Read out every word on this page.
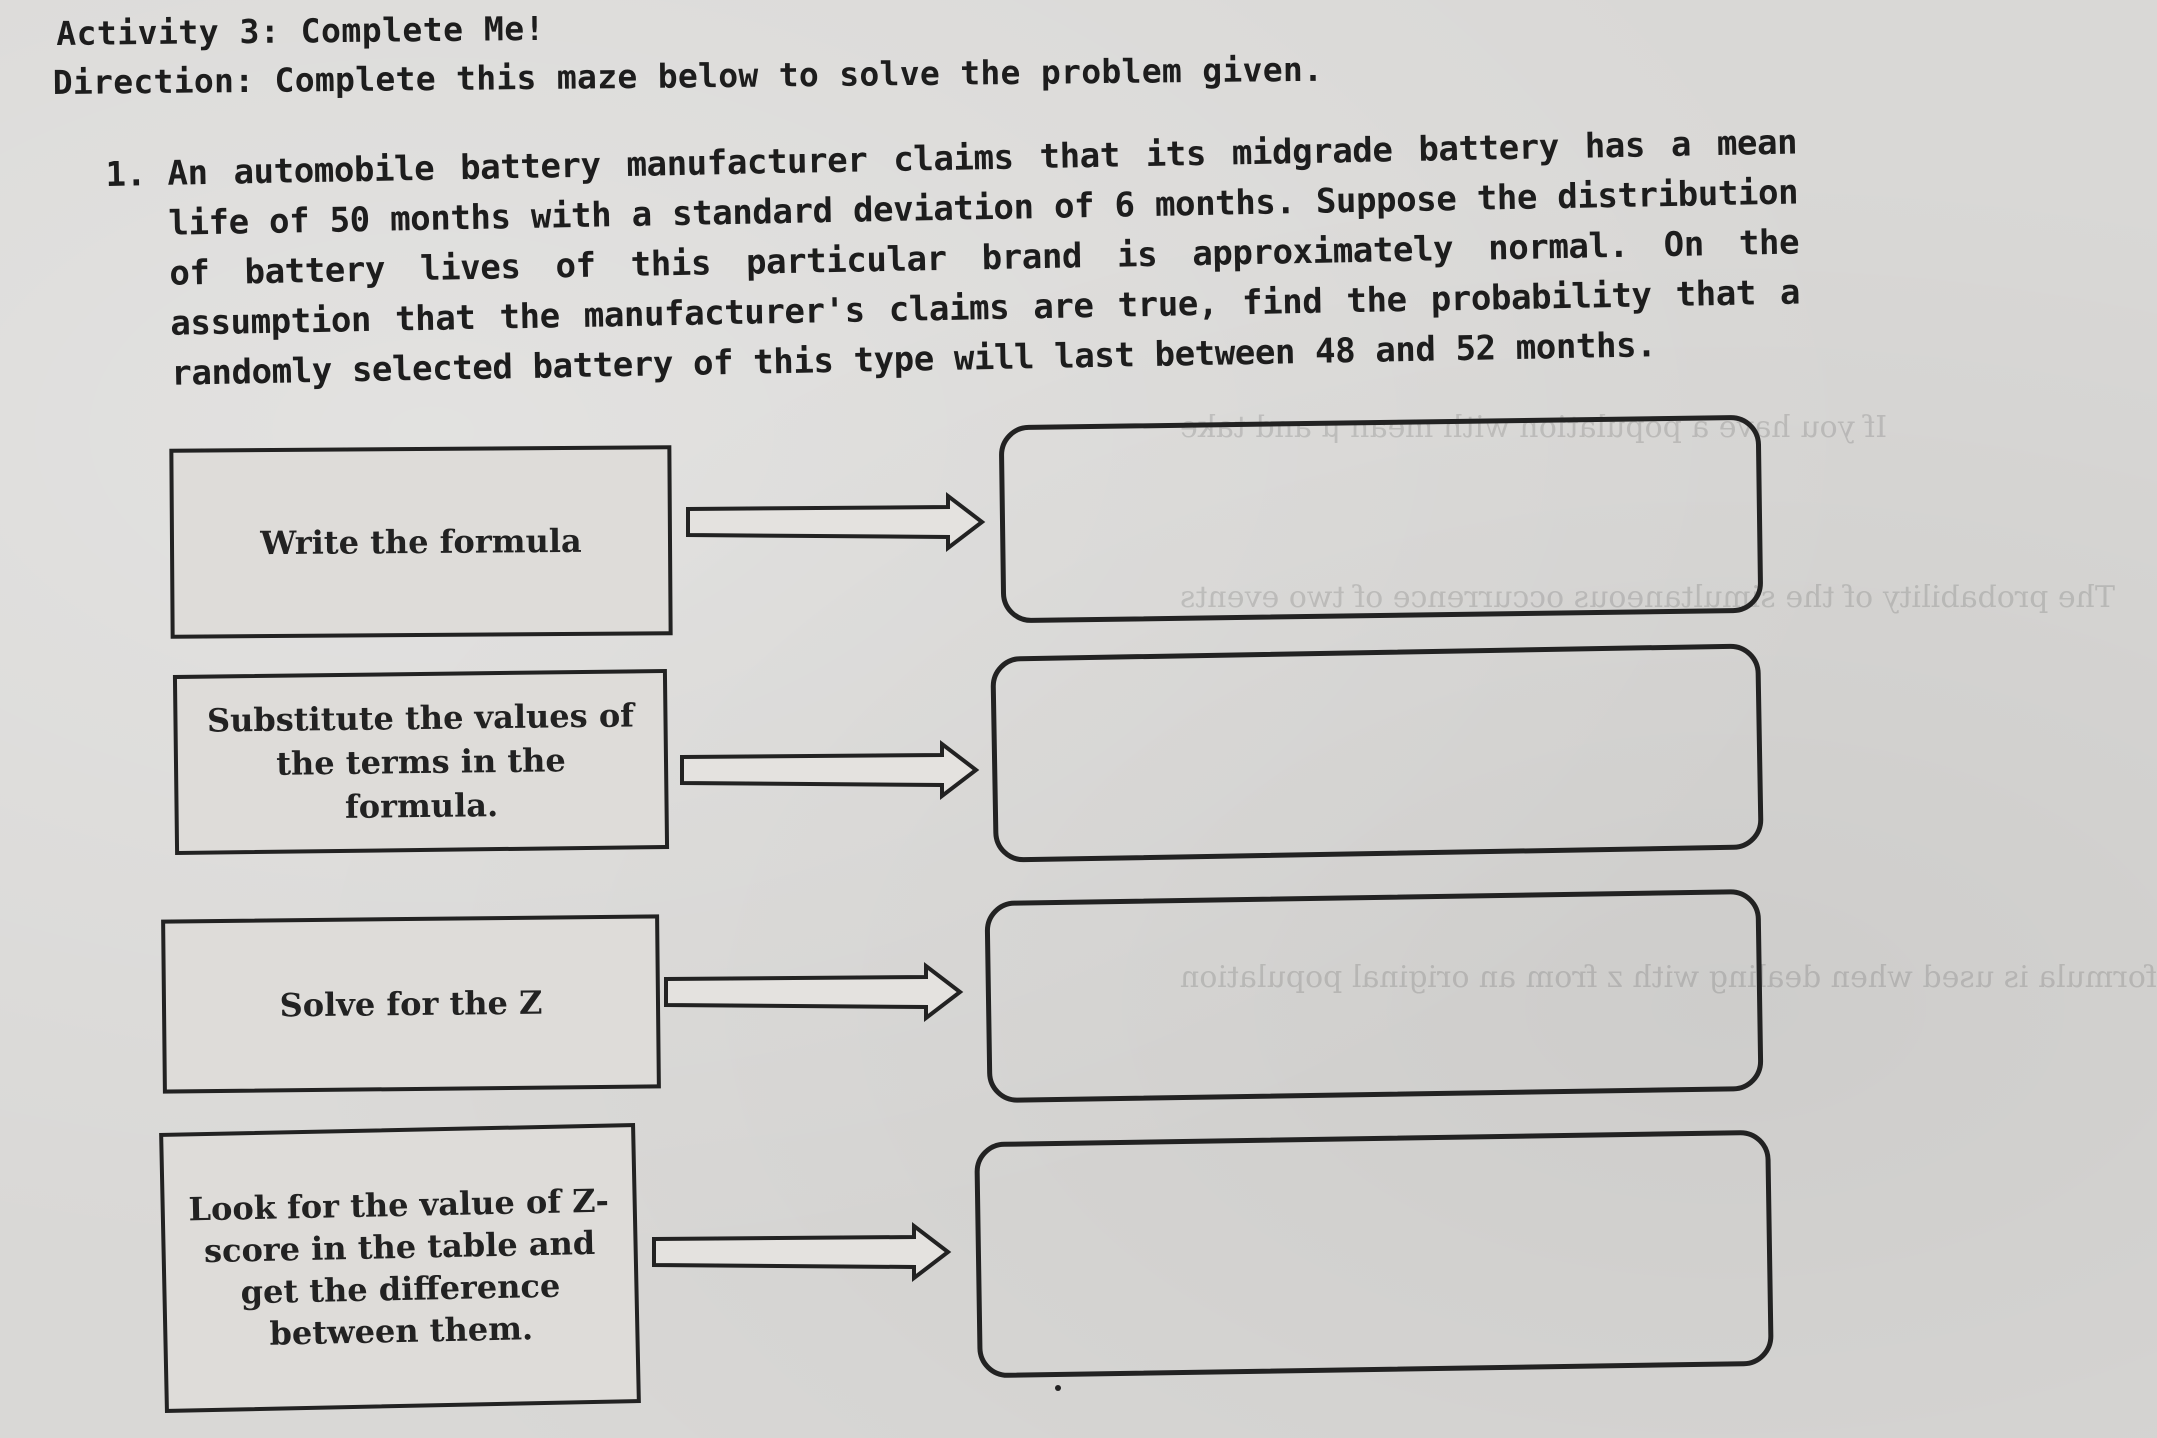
If you have a population with mean μ and take
The probability of the simultaneous occurrence of two events
formula is used when dealing with z from an original population

Activity 3: Complete Me!

Direction: Complete this maze below to solve the problem given.

1. An automobile battery manufacturer claims that its midgrade battery has a mean life of 50 months with a standard deviation of 6 months. Suppose the distribution of battery lives of this particular brand is approximately normal. On the assumption that the manufacturer's claims are true, find the probability that a randomly selected battery of this type will last between 48 and 52 months.
Write the formula
Substitute the values of the terms in the formula.
Solve for the Z
Look for the value of Z-score in the table and get the difference between them.
